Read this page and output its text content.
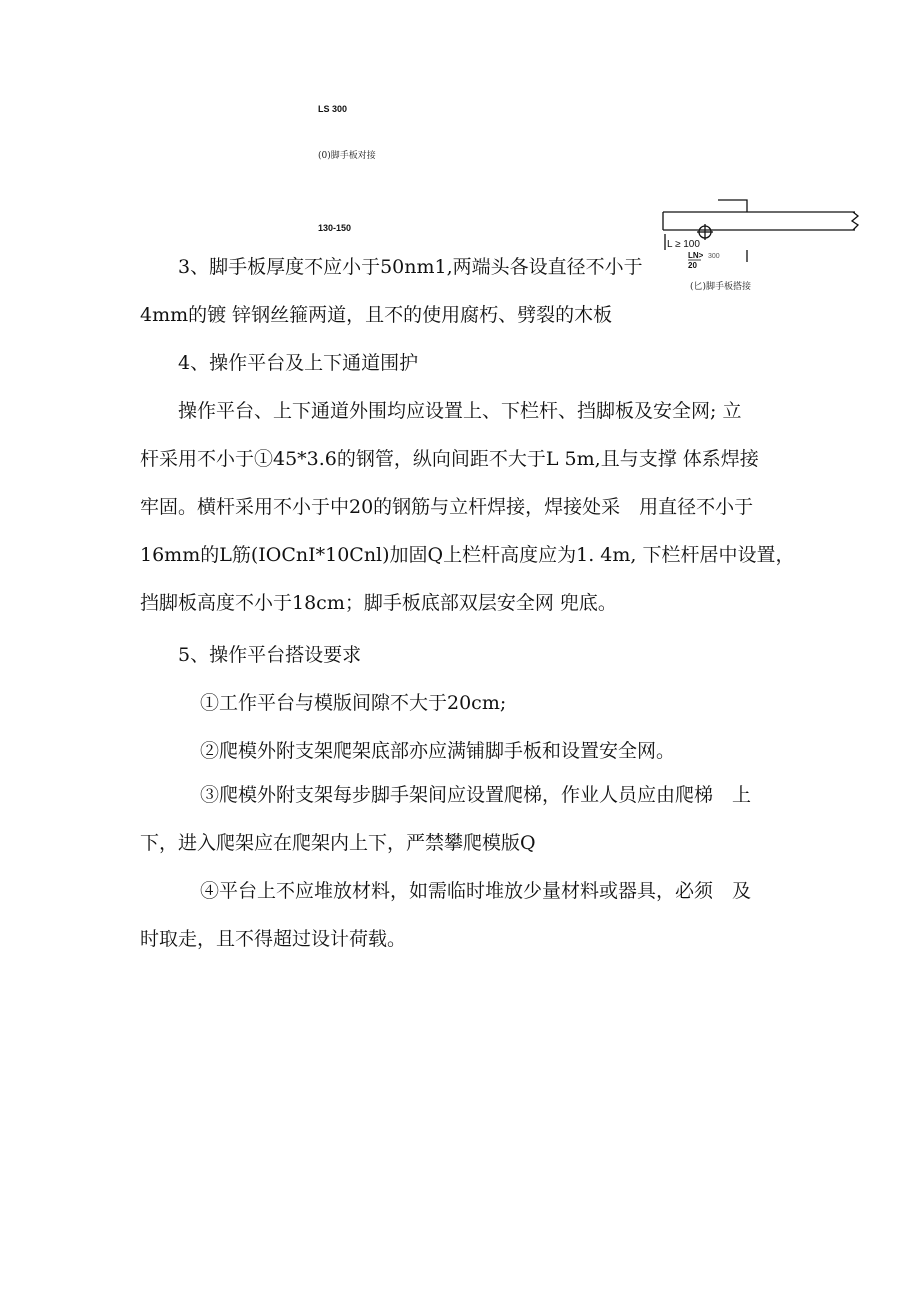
LS 300
(0)脚手板对接
130-150
L ≥ 100
LN> 300
20
(匕)脚手板搭接

3、脚手板厚度不应小于50nm1,两端头各设直径不小于

4mm的镀 锌钢丝箍两道，且不的使用腐朽、劈裂的木板

4、操作平台及上下通道围护

操作平台、上下通道外围均应设置上、下栏杆、挡脚板及安全网; 立

杆采用不小于①45*3.6的钢管，纵向间距不大于L 5m,且与支撑 体系焊接

牢固。横杆采用不小于中20的钢筋与立杆焊接，焊接处采　用直径不小于

16mm的L筋(IOCnI*10Cnl)加固Q上栏杆高度应为1. 4m, 下栏杆居中设置，

挡脚板高度不小于18cm；脚手板底部双层安全网 兜底。

5、操作平台搭设要求

①工作平台与模版间隙不大于20cm;

②爬模外附支架爬架底部亦应满铺脚手板和设置安全网。

③爬模外附支架每步脚手架间应设置爬梯，作业人员应由爬梯　上

下，进入爬架应在爬架内上下，严禁攀爬模版Q

④平台上不应堆放材料，如需临时堆放少量材料或器具，必须　及

时取走，且不得超过设计荷载。
